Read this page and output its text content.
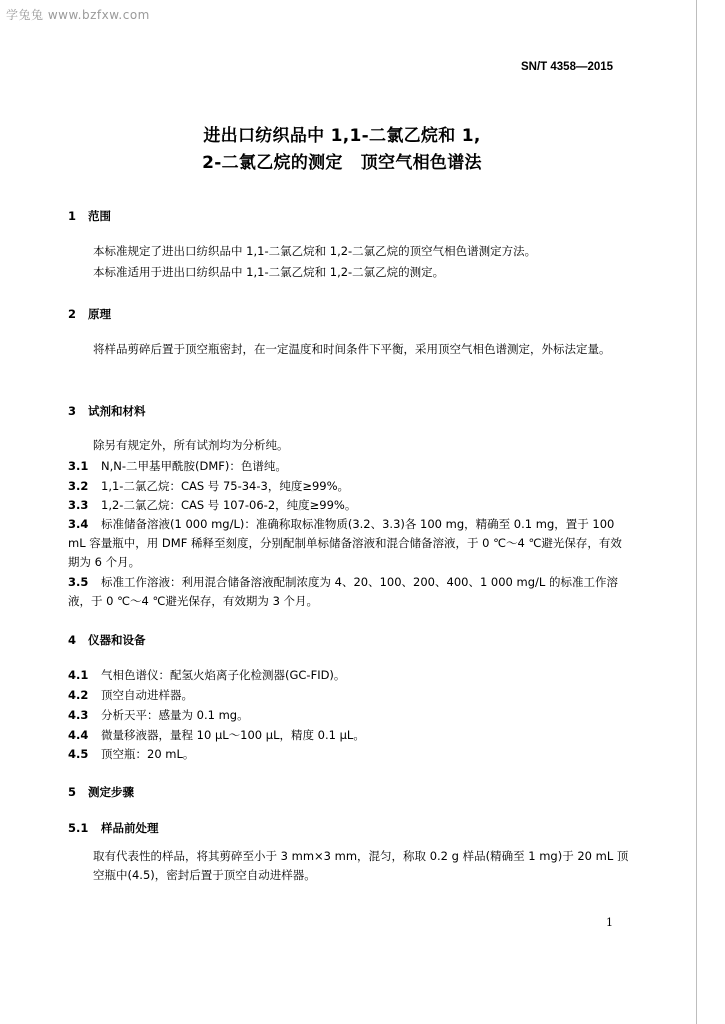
学兔兔 www.bzfxw.com
SN/T 4358—2015
进出口纺织品中 1,1-二氯乙烷和 1,
2-二氯乙烷的测定 顶空气相色谱法
1 范围
本标准规定了进出口纺织品中 1,1-二氯乙烷和 1,2-二氯乙烷的顶空气相色谱测定方法。
本标准适用于进出口纺织品中 1,1-二氯乙烷和 1,2-二氯乙烷的测定。
2 原理
将样品剪碎后置于顶空瓶密封，在一定温度和时间条件下平衡，采用顶空气相色谱测定，外标法定量。
3 试剂和材料
除另有规定外，所有试剂均为分析纯。
3.1 N,N-二甲基甲酰胺(DMF)：色谱纯。
3.2 1,1-二氯乙烷：CAS 号 75-34-3，纯度≥99%。
3.3 1,2-二氯乙烷：CAS 号 107-06-2，纯度≥99%。
3.4 标准储备溶液(1 000 mg/L)：准确称取标准物质(3.2、3.3)各 100 mg，精确至 0.1 mg，置于 100 mL 容量瓶中，用 DMF 稀释至刻度，分别配制单标储备溶液和混合储备溶液，于 0 ℃～4 ℃避光保存，有效期为 6 个月。
3.5 标准工作溶液：利用混合储备溶液配制浓度为 4、20、100、200、400、1 000 mg/L 的标准工作溶液，于 0 ℃～4 ℃避光保存，有效期为 3 个月。
4 仪器和设备
4.1 气相色谱仪：配氢火焰离子化检测器(GC-FID)。
4.2 顶空自动进样器。
4.3 分析天平：感量为 0.1 mg。
4.4 微量移液器，量程 10 μL～100 μL，精度 0.1 μL。
4.5 顶空瓶：20 mL。
5 测定步骤
5.1 样品前处理
取有代表性的样品，将其剪碎至小于 3 mm×3 mm，混匀，称取 0.2 g 样品(精确至 1 mg)于 20 mL 顶空瓶中(4.5)，密封后置于顶空自动进样器。
1
